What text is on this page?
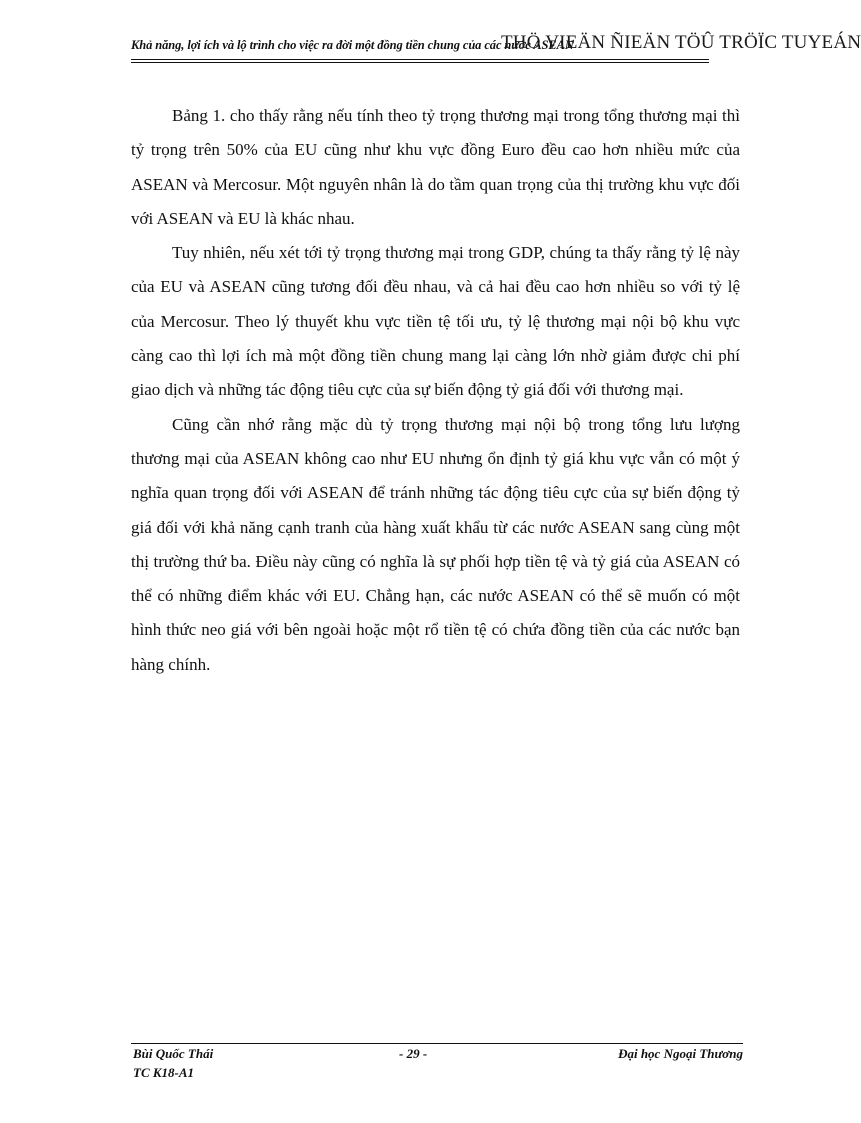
Khả năng, lợi ích và lộ trình cho việc ra đời một đồng tiền chung của các nước ASEAN
THÖ VIEÄN ÑIEÄN TÖÛ TRÖÏC TUYEÁN

Bảng 1. cho thấy rằng nếu tính theo tỷ trọng thương mại trong tổng thương mại thì tỷ trọng trên 50% của EU cũng như khu vực đồng Euro đều cao hơn nhiều mức của ASEAN và Mercosur. Một nguyên nhân là do tầm quan trọng của thị trường khu vực đối với ASEAN và EU là khác nhau.

Tuy nhiên, nếu xét tới tỷ trọng thương mại trong GDP, chúng ta thấy rằng tỷ lệ này của EU và ASEAN cũng tương đối đều nhau, và cả hai đều cao hơn nhiều so với tỷ lệ của Mercosur. Theo lý thuyết khu vực tiền tệ tối ưu, tỷ lệ thương mại nội bộ khu vực càng cao thì lợi ích mà một đồng tiền chung mang lại càng lớn nhờ giảm được chi phí giao dịch và những tác động tiêu cực của sự biến động tỷ giá đối với thương mại.

Cũng cần nhớ rằng mặc dù tỷ trọng thương mại nội bộ trong tổng lưu lượng thương mại của ASEAN không cao như EU nhưng ổn định tỷ giá khu vực vẫn có một ý nghĩa quan trọng đối với ASEAN để tránh những tác động tiêu cực của sự biến động tỷ giá đối với khả năng cạnh tranh của hàng xuất khẩu từ các nước ASEAN sang cùng một thị trường thứ ba. Điều này cũng có nghĩa là sự phối hợp tiền tệ và tỷ giá của ASEAN có thể có những điểm khác với EU. Chẳng hạn, các nước ASEAN có thể sẽ muốn có một hình thức neo giá với bên ngoài hoặc một rổ tiền tệ có chứa đồng tiền của các nước bạn hàng chính.

Bùi Quốc Thái
TC K18-A1
- 29 -	Đại học Ngoại Thương
